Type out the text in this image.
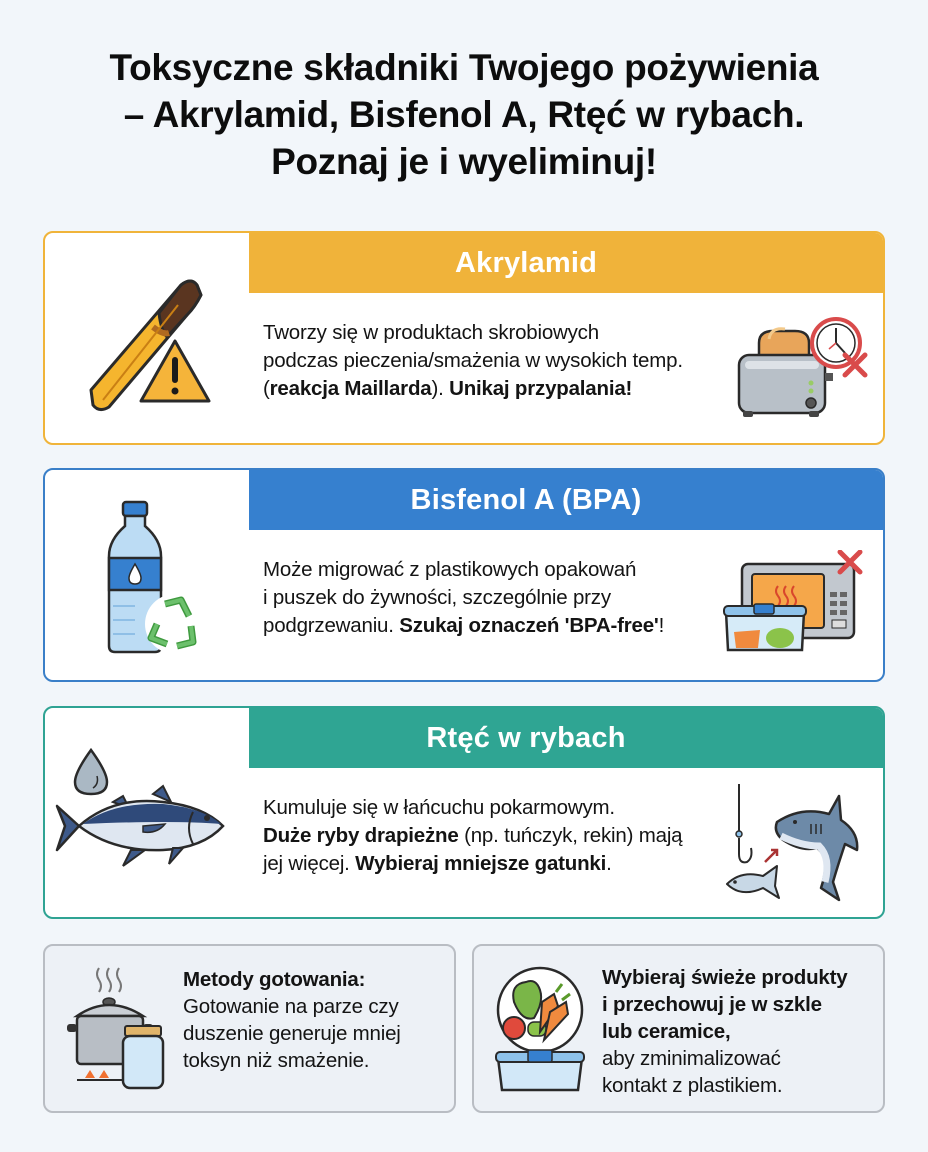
Toksyczne składniki Twojego pożywienia
– Akrylamid, Bisfenol A, Rtęć w rybach.
Poznaj je i wyeliminuj!
Akrylamid
Tworzy się w produktach skrobiowych
podczas pieczenia/smażenia w wysokich temp.
(reakcja Maillarda). Unikaj przypalania!
Bisfenol A (BPA)
Może migrować z plastikowych opakowań
i puszek do żywności, szczególnie przy
podgrzewaniu. Szukaj oznaczeń 'BPA-free'!
Rtęć w rybach
Kumuluje się w łańcuchu pokarmowym.
Duże ryby drapieżne (np. tuńczyk, rekin) mają
jej więcej. Wybieraj mniejsze gatunki.
Metody gotowania:
Gotowanie na parze czy
duszenie generuje mniej
toksyn niż smażenie.
Wybieraj świeże produkty
i przechowuj je w szkle
lub ceramice,
aby zminimalizować
kontakt z plastikiem.
